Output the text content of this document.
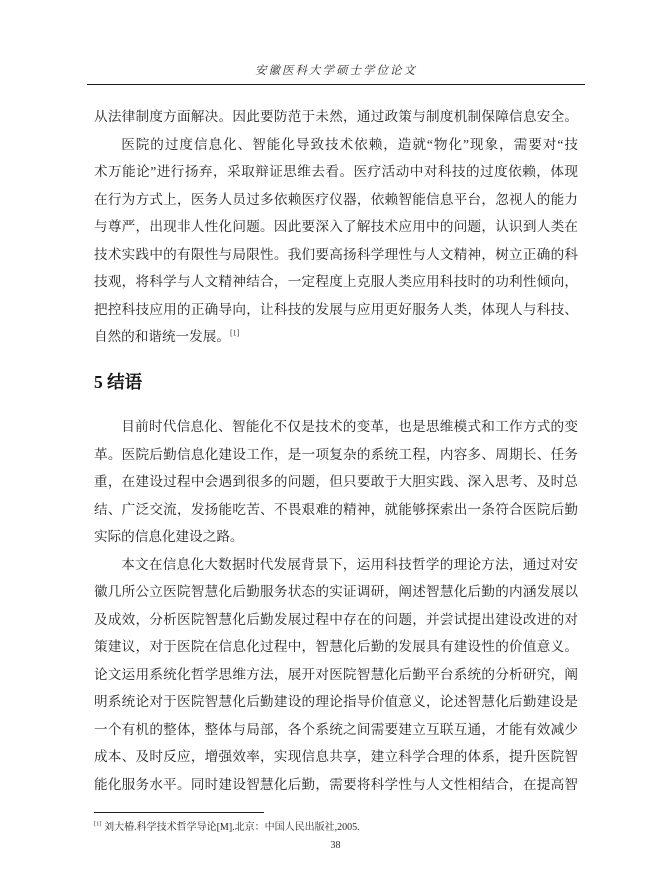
安徽医科大学硕士学位论文
从法律制度方面解决。因此要防范于未然，通过政策与制度机制保障信息安全。
医院的过度信息化、智能化导致技术依赖，造就“物化”现象，需要对“技
术万能论”进行扬弃，采取辩证思维去看。医疗活动中对科技的过度依赖，体现
在行为方式上，医务人员过多依赖医疗仪器，依赖智能信息平台，忽视人的能力
与尊严，出现非人性化问题。因此要深入了解技术应用中的问题，认识到人类在
技术实践中的有限性与局限性。我们要高扬科学理性与人文精神，树立正确的科
技观，将科学与人文精神结合，一定程度上克服人类应用科技时的功利性倾向，
把控科技应用的正确导向，让科技的发展与应用更好服务人类，体现人与科技、
自然的和谐统一发展。[1]
5 结语
目前时代信息化、智能化不仅是技术的变革，也是思维模式和工作方式的变
革。医院后勤信息化建设工作，是一项复杂的系统工程，内容多、周期长、任务
重，在建设过程中会遇到很多的问题，但只要敢于大胆实践、深入思考、及时总
结、广泛交流，发扬能吃苦、不畏艰难的精神，就能够探索出一条符合医院后勤
实际的信息化建设之路。
本文在信息化大数据时代发展背景下，运用科技哲学的理论方法，通过对安
徽几所公立医院智慧化后勤服务状态的实证调研，阐述智慧化后勤的内涵发展以
及成效，分析医院智慧化后勤发展过程中存在的问题，并尝试提出建设改进的对
策建议，对于医院在信息化过程中，智慧化后勤的发展具有建设性的价值意义。
论文运用系统化哲学思维方法，展开对医院智慧化后勤平台系统的分析研究，阐
明系统论对于医院智慧化后勤建设的理论指导价值意义，论述智慧化后勤建设是
一个有机的整体，整体与局部，各个系统之间需要建立互联互通，才能有效减少
成本、及时反应，增强效率，实现信息共享，建立科学合理的体系，提升医院智
能化服务水平。同时建设智慧化后勤，需要将科学性与人文性相结合，在提高智
[1] 刘大椿.科学技术哲学导论[M].北京：中国人民出版社,2005.
38
